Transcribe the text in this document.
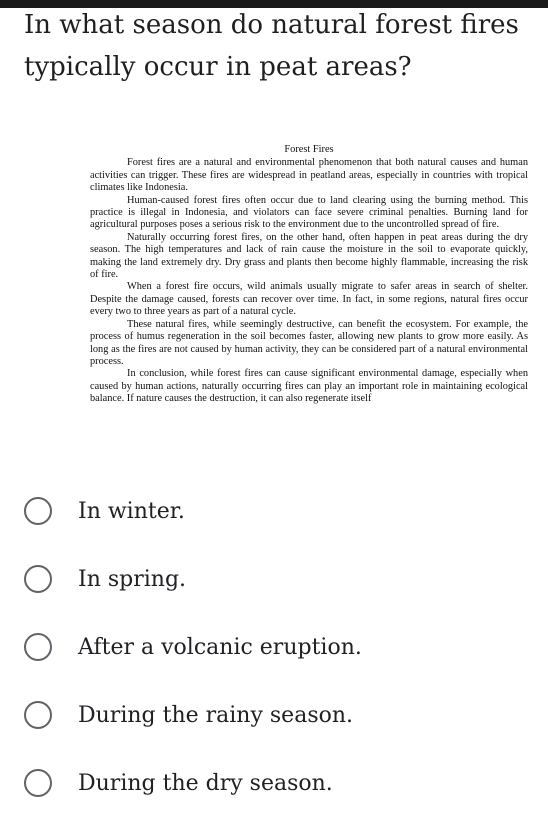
In what season do natural forest fires typically occur in peat areas?
Forest Fires

Forest fires are a natural and environmental phenomenon that both natural causes and human activities can trigger. These fires are widespread in peatland areas, especially in countries with tropical climates like Indonesia.

Human-caused forest fires often occur due to land clearing using the burning method. This practice is illegal in Indonesia, and violators can face severe criminal penalties. Burning land for agricultural purposes poses a serious risk to the environment due to the uncontrolled spread of fire.

Naturally occurring forest fires, on the other hand, often happen in peat areas during the dry season. The high temperatures and lack of rain cause the moisture in the soil to evaporate quickly, making the land extremely dry. Dry grass and plants then become highly flammable, increasing the risk of fire.

When a forest fire occurs, wild animals usually migrate to safer areas in search of shelter. Despite the damage caused, forests can recover over time. In fact, in some regions, natural fires occur every two to three years as part of a natural cycle.

These natural fires, while seemingly destructive, can benefit the ecosystem. For example, the process of humus regeneration in the soil becomes faster, allowing new plants to grow more easily. As long as the fires are not caused by human activity, they can be considered part of a natural environmental process.

In conclusion, while forest fires can cause significant environmental damage, especially when caused by human actions, naturally occurring fires can play an important role in maintaining ecological balance. If nature causes the destruction, it can also regenerate itself

In winter.
In spring.
After a volcanic eruption.
During the rainy season.
During the dry season.
